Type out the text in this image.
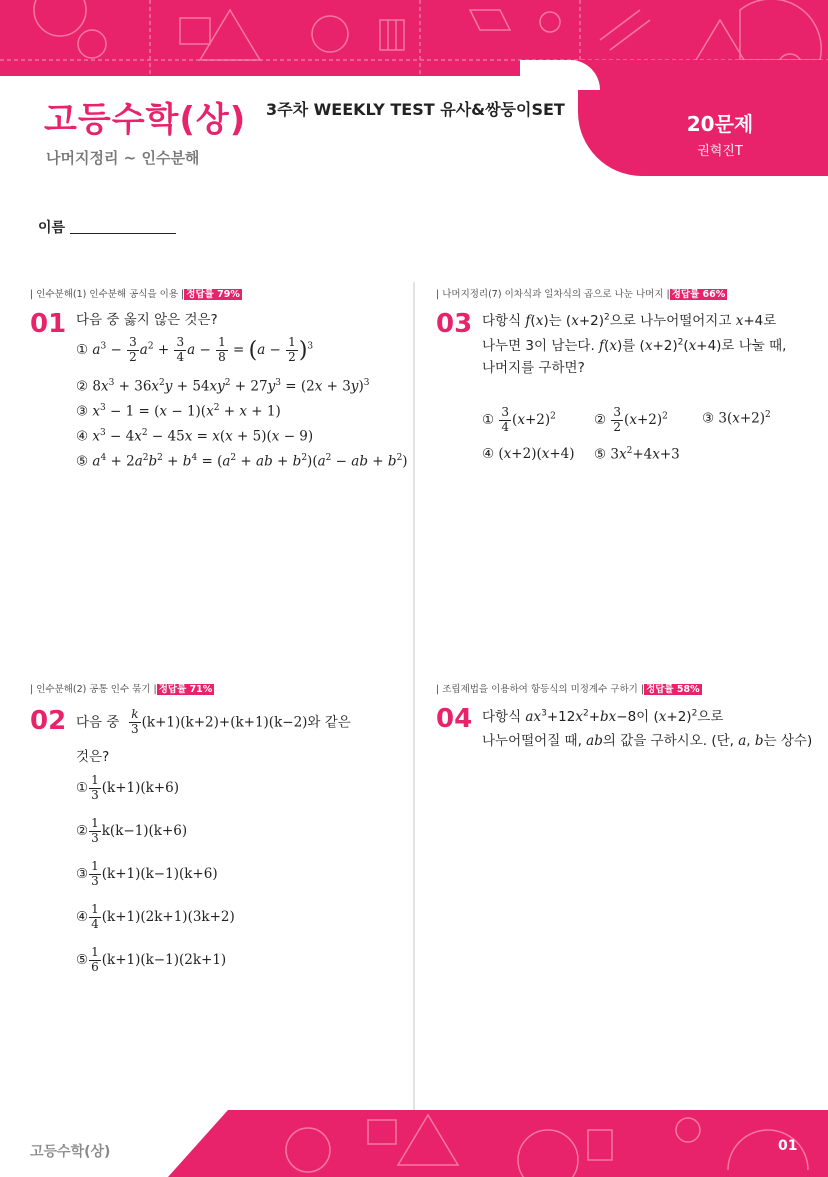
고등수학(상) 3주차 WEEKLY TEST 유사&쌍둥이SET
나머지정리 ~ 인수분해
20문제
권혁진T
이름
| 인수분해(1) 인수분해 공식을 이용 | 정답률 79%
01 다음 중 옳지 않은 것은?
① $a^3 - \frac{3}{2} a^2 + \frac{3}{4}$ $a - \frac{1}{8} = (a - \frac{1}{2} )^3$
② $8x^3 + 36x^2y + 54xy^2 + 27y^3 = (2x + 3y)^3$
③ $x^3 - 1 = (x - 1)(x^2 + x + 1)$
④ $x^3 - 4x^2 - 45x = x(x + 5)(x - 9)$
⑤ $a^4 + 2a^2b^2 + b^4 = (a^2$ + ab + $b^2)(a^2$ − ab + $b^2$)
| 나머지정리(7) 이차식과 일차식의 곱으로 나눈 나머지 | 정답률 66%
03 다항식 f(x)는 $(x+2)^2$으로 나누어떨어지고 x+4로
나누면 3이 남는다. f(x)를 $(x+2)^2(x+4)$로 나눌 때,
나머지를 구하면?
① $\frac{3}{4} (x+2)^2$	② $\frac{3}{2} (x+2)^2$	③ $3(x+2)^2$
④ (x+2)(x+4) ⑤ $3x^2+4x+3$
| 인수분해(2) 공통 인수 묶기 | 정답률 71%
02 다음 중 $\frac{k}{3} (k+1)(k+2)+(k+1)(k-2)$와 같은
것은?
① $\frac{1}{3} (k+1)(k+6)$
② $\frac{1}{3} k(k-1)(k+6)$
③ $\frac{1}{3} (k+1)(k-1)(k+6)$
④ $\frac{1}{4} (k+1)(2k+1)(3k+2)$
⑤ $\frac{1}{6} (k+1)(k-1)(2k+1)$
| 조립제법을 이용하여 항등식의 미정계수 구하기 | 정답률 58%
04 다항식 $ax^3+12x^2+bx-8$이 $(x+2)^2$으로
나누어떨어질 때, ab의 값을 구하시오. (단, a, b는 상수)
고등수학(상)	01
